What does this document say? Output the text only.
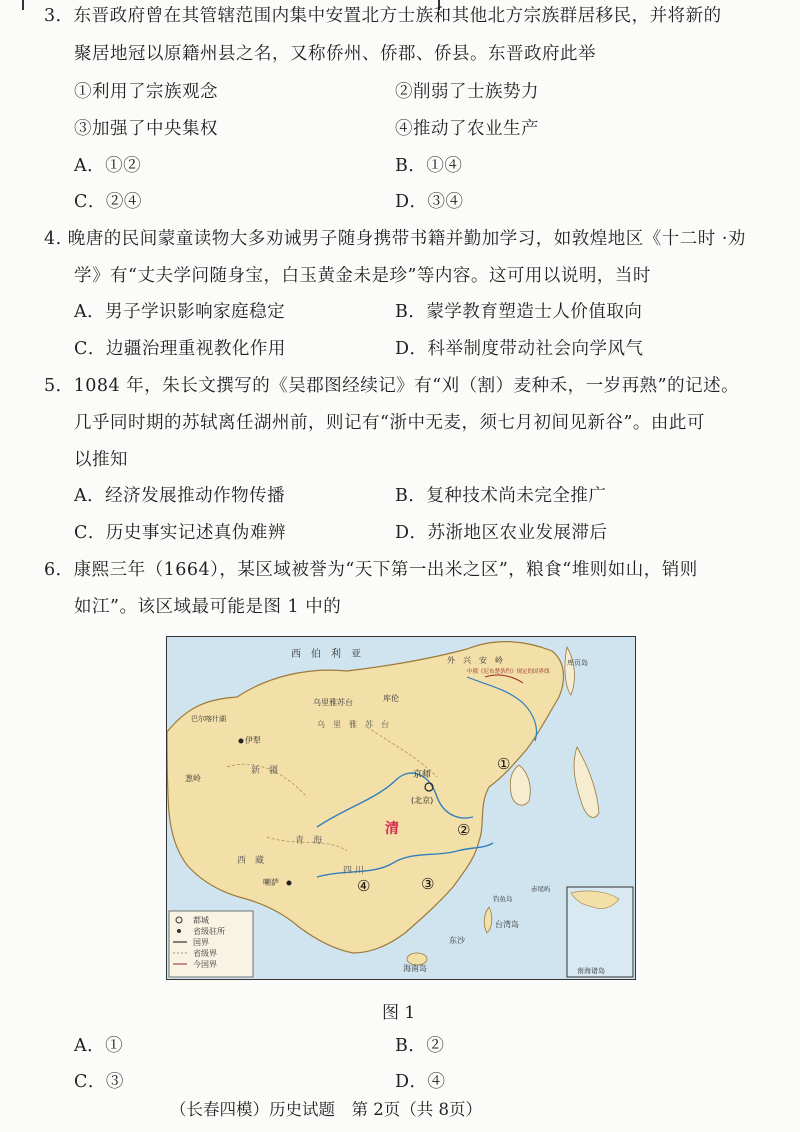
3．东晋政府曾在其管辖范围内集中安置北方士族和其他北方宗族群居移民，并将新的
聚居地冠以原籍州县之名，又称侨州、侨郡、侨县。东晋政府此举
①利用了宗族观念	②削弱了士族势力
③加强了中央集权	④推动了农业生产
A．①②	B．①④
C．②④	D．③④
4. 晚唐的民间蒙童读物大多劝诫男子随身携带书籍并勤加学习，如敦煌地区《十二时 ·劝
学》有“丈夫学问随身宝，白玉黄金未是珍”等内容。这可用以说明，当时
A．男子学识影响家庭稳定	B．蒙学教育塑造士人价值取向
C．边疆治理重视教化作用	D．科举制度带动社会向学风气
5．1084 年，朱长文撰写的《吴郡图经续记》有“刈（割）麦种禾，一岁再熟”的记述。
几乎同时期的苏轼离任湖州前，则记有“浙中无麦，须七月初间见新谷”。由此可
以推知
A．经济发展推动作物传播	B．复种技术尚未完全推广
C．历史事实记述真伪难辨	D．苏浙地区农业发展滞后
6．康熙三年（1664），某区域被誉为“天下第一出米之区”，粮食“堆则如山，销则
如江”。该区域最可能是图 1 中的
都城
省级驻所
国界
省级界
今国界
西　伯　利　亚
外　兴　安　岭
中俄《尼布楚条约》规定的国界线
库页岛
巴尔喀什湖
伊犁
葱岭
乌里雅苏台	库伦
乌　里　雅　苏　台
新　疆	京师
(北京)
清
青　海
西　藏
喇萨
四 川
台湾岛
钓鱼岛
赤尾屿
东沙
海南岛	南海诸岛
①
②
③
④
图 1
A．①	B．②
C．③	D．④
（长春四模）历史试题　第 2页（共 8页）
